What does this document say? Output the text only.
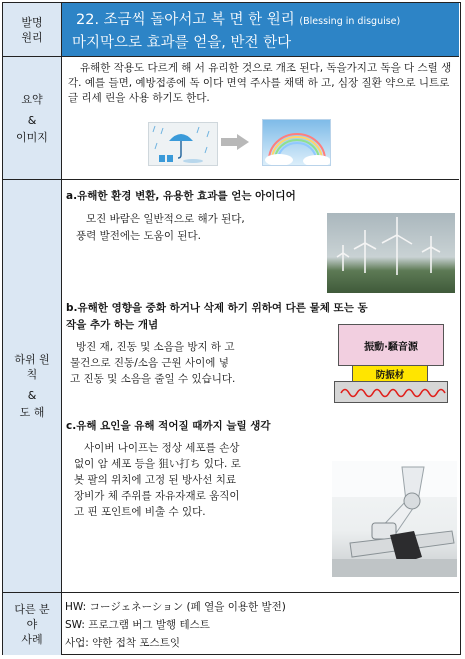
발명
원리
22. 조금씩 돌아서고 복 면 한 원리 (Blessing in disguise)
마지막으로 효과를 얻을, 반전 한다
요약
&
이미지
유해한 작용도 다르게 해 서 유리한 것으로 개조 된다, 독을가지고 독을 다 스릴 생각. 예를 들면, 예방접종에 독 이다 면역 주사를 채택 하 고, 심장 질환 약으로 니트로 글 리세 린을 사용 하기도 한다.
하위 원
칙
&
도 해
a.유해한 환경 변환, 유용한 효과를 얻는 아이디어
모진 바람은 일반적으로 해가 된다,
풍력 발전에는 도움이 된다.
b.유해한 영향을 중화 하거나 삭제 하기 위하여 다른 물체 또는 동
작을 추가 하는 개념
방진 재, 진동 및 소음을 방지 하 고
물건으로 진동/소음 근원 사이에 넣
고 진동 및 소음을 줄일 수 있습니다.
振動·騒音源
防振材
c.유해 요인을 유해 적어질 때까지 늘릴 생각
사이버 나이프는 정상 세포를 손상
없이 암 세포 등을 狙い打ち 있다. 로
봇 팔의 위치에 고정 된 방사선 치료
장비가 체 주위를 자유자재로 움직이
고 핀 포인트에 비출 수 있다.
다른 분
야
사례
HW: コージェネーション (페 열을 이용한 발전)
SW: 프로그램 버그 발행 테스트
사업: 약한 접착 포스트잇
